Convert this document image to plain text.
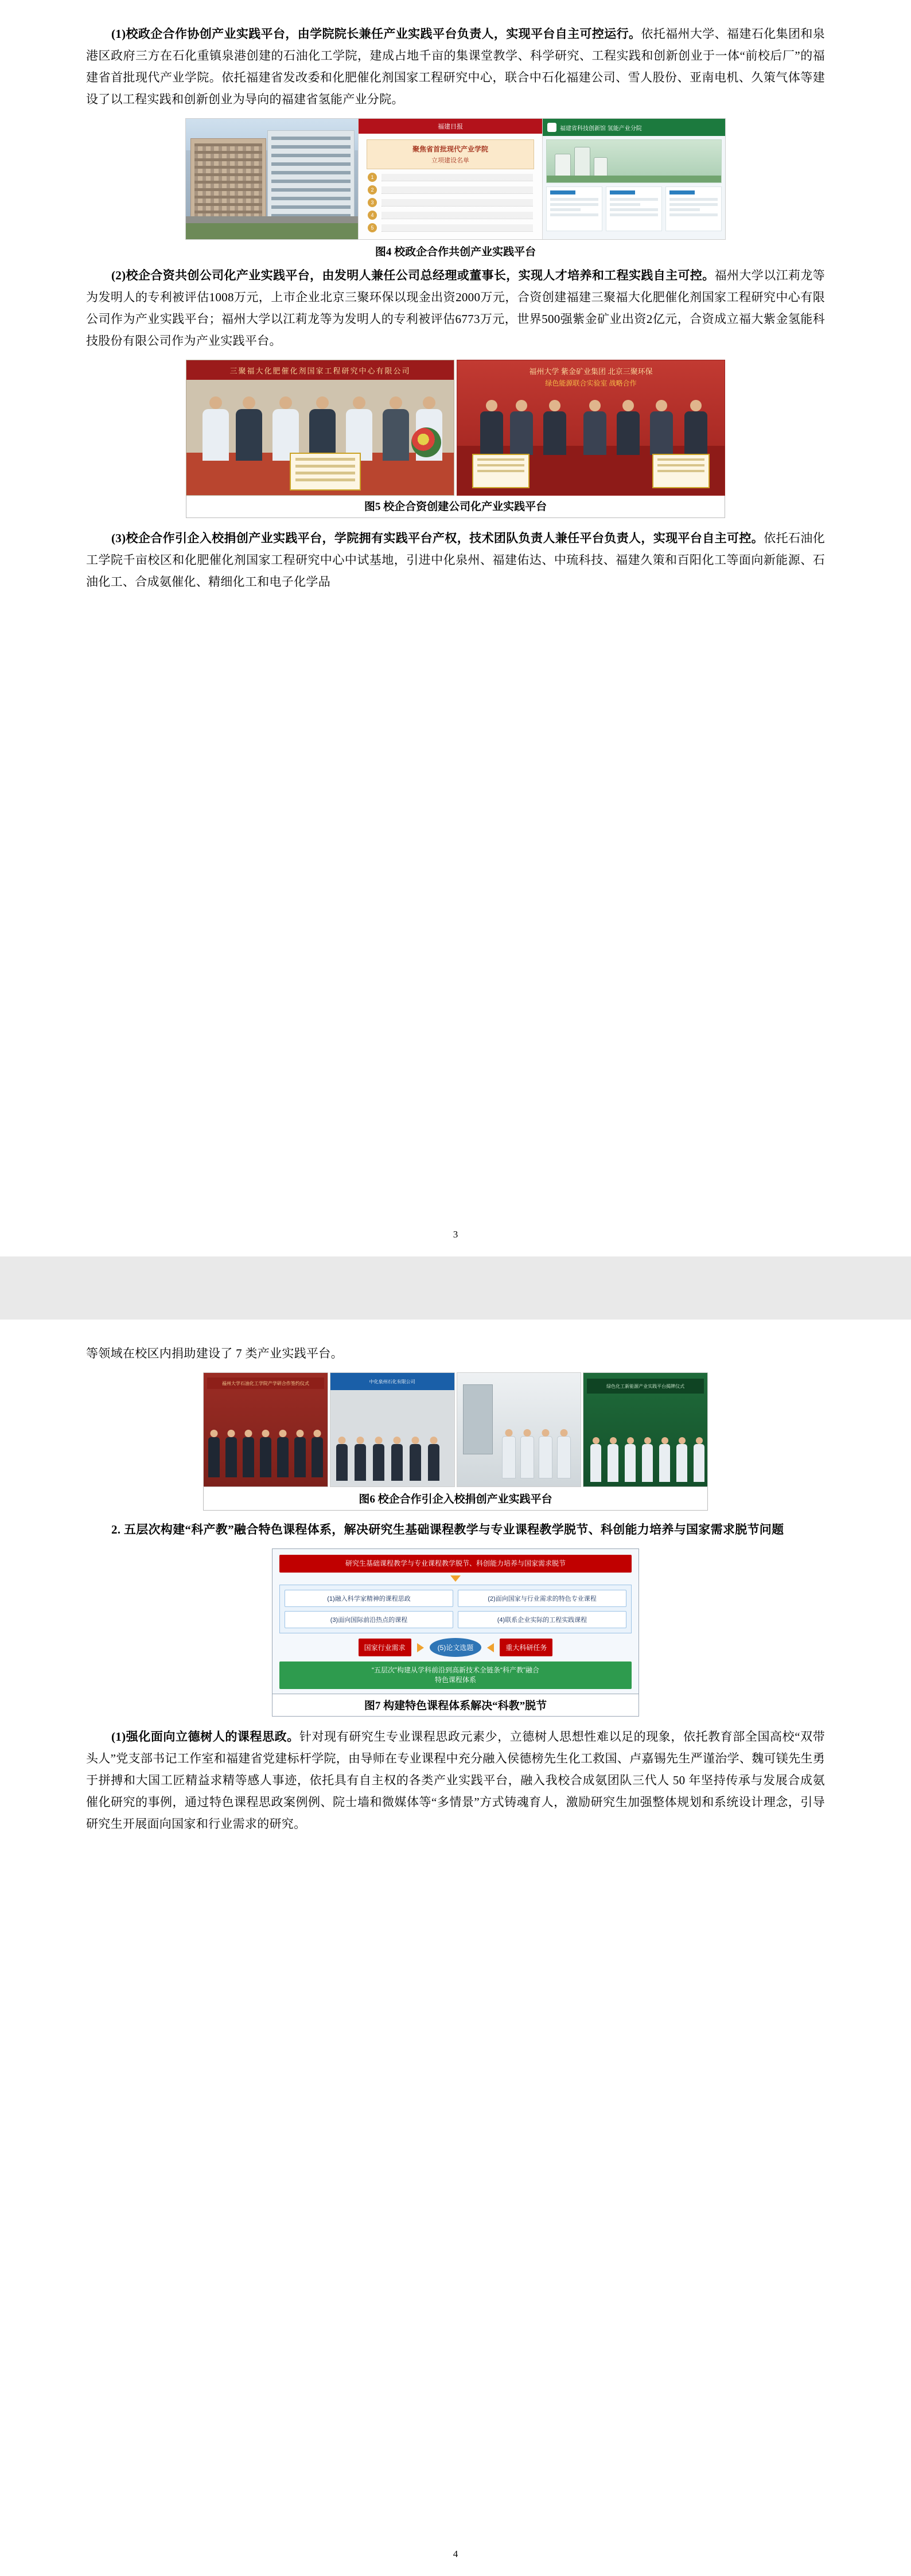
(1)校政企合作协创产业实践平台，由学院院长兼任产业实践平台负责人，实现平台自主可控运行。依托福州大学、福建石化集团和泉港区政府三方在石化重镇泉港创建的石油化工学院，建成占地千亩的集课堂教学、科学研究、工程实践和创新创业于一体“前校后厂”的福建省首批现代产业学院。依托福建省发改委和化肥催化剂国家工程研究中心，联合中石化福建公司、雪人股份、亚南电机、久策气体等建设了以工程实践和创新创业为导向的福建省氢能产业分院。

福建日报
聚焦省首批现代产业学院
立项建设名单
1
2
3
4
5
福建省科技创新馆 氢能产业分院
图4 校政企合作共创产业实践平台

(2)校企合资共创公司化产业实践平台，由发明人兼任公司总经理或董事长，实现人才培养和工程实践自主可控。福州大学以江莉龙等为发明人的专利被评估1008万元，上市企业北京三聚环保以现金出资2000万元，合资创建福建三聚福大化肥催化剂国家工程研究中心有限公司作为产业实践平台；福州大学以江莉龙等为发明人的专利被评估6773万元，世界500强紫金矿业出资2亿元，合资成立福大紫金氢能科技股份有限公司作为产业实践平台。

三聚福大化肥催化剂国家工程研究中心有限公司	福州大学 紫金矿业集团 北京三聚环保
绿色能源联合实验室 战略合作
图5 校企合资创建公司化产业实践平台

(3)校企合作引企入校捐创产业实践平台，学院拥有实践平台产权，技术团队负责人兼任平台负责人，实现平台自主可控。依托石油化工学院千亩校区和化肥催化剂国家工程研究中心中试基地，引进中化泉州、福建佑达、中琉科技、福建久策和百阳化工等面向新能源、石油化工、合成氨催化、精细化工和电子化学品

3

等领域在校区内捐助建设了 7 类产业实践平台。

福州大学石油化工学院产学研合作签约仪式	中化泉州石化有限公司
绿色化工新能源产业实践平台揭牌仪式
图6 校企合作引企入校捐创产业实践平台

2. 五层次构建“科产教”融合特色课程体系，解决研究生基础课程教学与专业课程教学脱节、科创能力培养与国家需求脱节问题

研究生基础课程教学与专业课程教学脱节、科创能力培养与国家需求脱节
(1)融入科学家精神的课程思政	(2)面向国家与行业需求的特色专业课程
(3)面向国际前沿热点的课程	(4)联系企业实际的工程实践课程
国家行业需求	(5)论文选题	重大科研任务
“五层次”构建从学科前沿到高新技术全链条“科产教”融合
特色课程体系
图7 构建特色课程体系解决“科教”脱节

(1)强化面向立德树人的课程思政。针对现有研究生专业课程思政元素少，立德树人思想性难以足的现象，依托教育部全国高校“双带头人”党支部书记工作室和福建省党建标杆学院，由导师在专业课程中充分融入侯德榜先生化工救国、卢嘉锡先生严谨治学、魏可镁先生勇于拼搏和大国工匠精益求精等感人事迹，依托具有自主权的各类产业实践平台，融入我校合成氨团队三代人 50 年坚持传承与发展合成氨催化研究的事例，通过特色课程思政案例例、院士墙和微媒体等“多情景”方式铸魂育人，激励研究生加强整体规划和系统设计理念，引导研究生开展面向国家和行业需求的研究。

4
